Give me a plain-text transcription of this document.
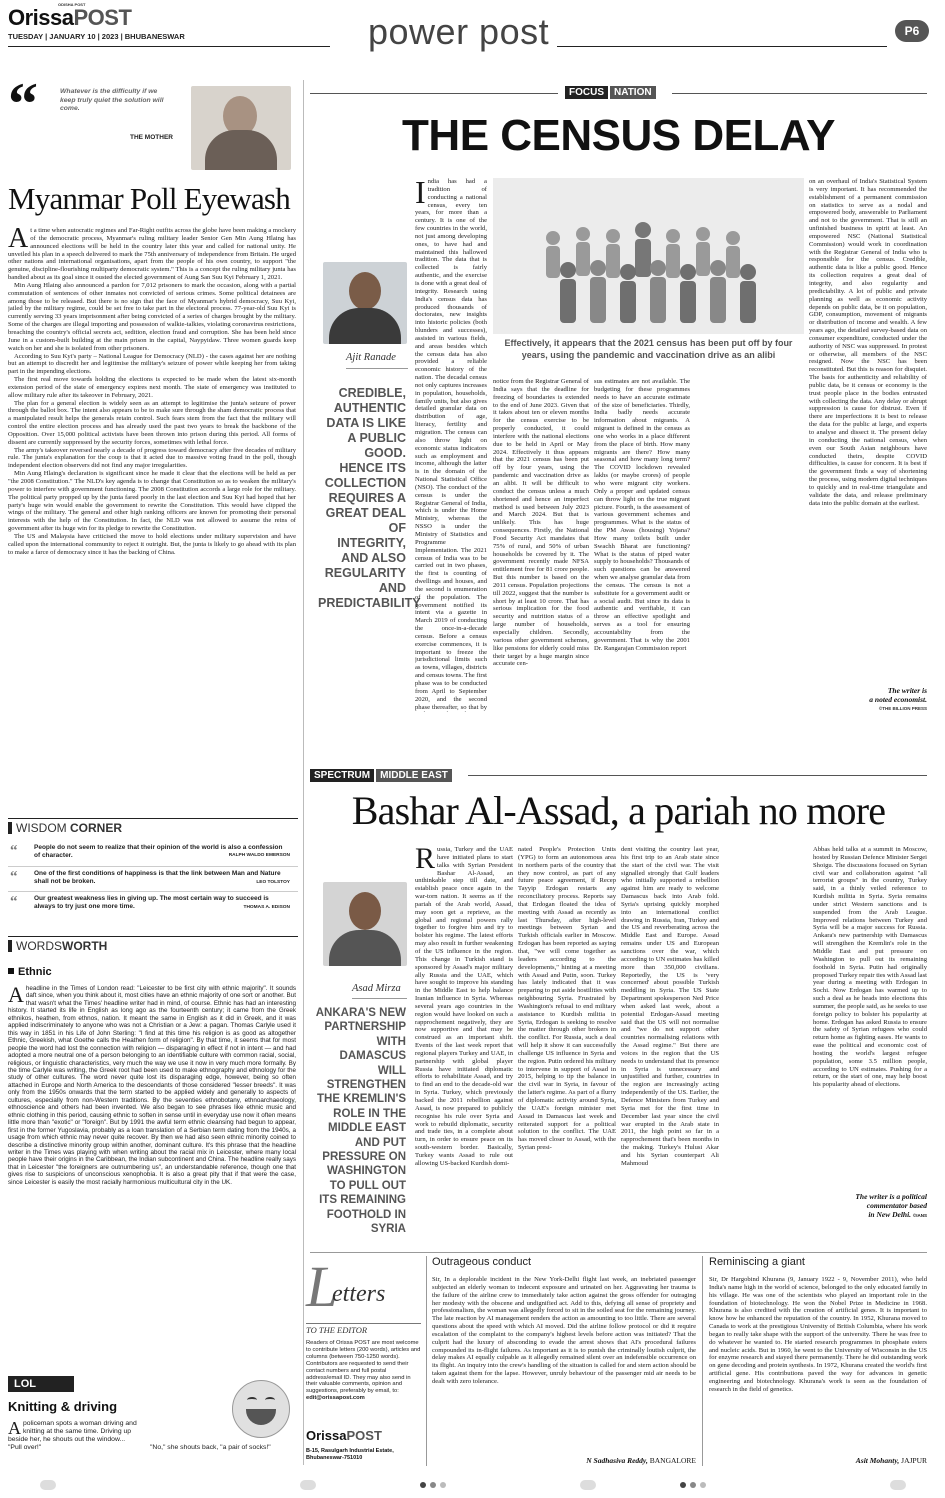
ODISHA POST
OrissaPOST
TUESDAY | JANUARY 10 | 2023 | BHUBANESWAR	power post	P6
“	Whatever is the difficulty if we keep truly quiet the solution will come.
THE MOTHER
Myanmar Poll Eyewash
A t a time when autocratic regimes and Far-Right outfits across the globe have been making a mockery of the democratic process, Myanmar's ruling military leader Senior Gen Min Aung Hlaing has announced elections will be held in the country later this year and called for national unity. He unveiled his plan in a speech delivered to mark the 75th anniversary of independence from Britain. He urged other nations and international organisations, apart from the people of his own country, to support "the genuine, discipline-flourishing multiparty democratic system." This is a concept the ruling military junta has bandied about as its goal since it ousted the elected government of Aung San Suu Kyi February 1, 2021.

Min Aung Hlaing also announced a pardon for 7,012 prisoners to mark the occasion, along with a partial commutation of sentences of other inmates not convicted of serious crimes. Some political detainees are among those to be released. But there is no sign that the face of Myanmar's hybrid democracy, Suu Kyi, jailed by the military regime, could be set free to take part in the electoral process. 77-year-old Suu Kyi is currently serving 33 years imprisonment after being convicted of a series of charges brought by the military. Some of the charges are illegal importing and possession of walkie-talkies, violating coronavirus restrictions, breaching the country's official secrets act, sedition, election fraud and corruption. She has been held since June in a custom-built building at the main prison in the capital, Naypyidaw. Three women guards keep watch on her and she is isolated from other prisoners.

According to Suu Kyi's party – National League for Democracy (NLD) - the cases against her are nothing but an attempt to discredit her and legitimise the military's seizure of power while keeping her from taking part in the impending elections.

The first real move towards holding the elections is expected to be made when the latest six-month extension period of the state of emergency expires next month. The state of emergency was instituted to allow military rule after its takeover in February, 2021.

The plan for a general election is widely seen as an attempt to legitimise the junta's seizure of power through the ballot box. The intent also appears to be to make sure through the sham democratic process that a manipulated result helps the generals retain control. Such fears stem from the fact that the military will control the entire election process and has already used the past two years to break the backbone of the Opposition. Over 15,000 political activists have been thrown into prison during this period. All forms of dissent are currently suppressed by the security forces, sometimes with lethal force.

The army's takeover reversed nearly a decade of progress toward democracy after five decades of military rule. The junta's explanation for the coup is that it acted due to massive voting fraud in the poll, though independent election observers did not find any major irregularities.

Min Aung Hlaing's declaration is significant since he made it clear that the elections will be held as per "the 2008 Constitution." The NLD's key agenda is to change that Constitution so as to weaken the military's power to interfere with government functioning. The 2008 Constitution accords a large role for the military. The political party propped up by the junta fared poorly in the last election and Suu Kyi had hoped that her party's huge win would enable the government to rewrite the Constitution. This would have clipped the wings of the military. The general and other high ranking officers are known for promoting their personal interests with the help of the Constitution. In fact, the NLD was not allowed to assume the reins of government after its huge win for its pledge to rewrite the Constitution.

The US and Malaysia have criticised the move to hold elections under military supervision and have called upon the international community to reject it outright. But, the junta is likely to go ahead with its plan to make a farce of democracy since it has the backing of China.

WISDOM CORNER
“	People do not seem to realize that their opinion of the world is also a confession of character.	RALPH WALDO EMERSON
“	One of the first conditions of happiness is that the link between Man and Nature shall not be broken.	LEO TOLSTOY
“	Our greatest weakness lies in giving up. The most certain way to succeed is always to try just one more time.	THOMAS A. EDISON
WORDSWORTH
Ethnic
A headline in the Times of London read: "Leicester to be first city with ethnic majority". It sounds daft since, when you think about it, most cities have an ethnic majority of one sort or another. But that wasn't what the Times' headline writer had in mind, of course. Ethnic has had an interesting history. It started its life in English as long ago as the fourteenth century; it came from the Greek ethnikos, heathen, from ethnos, nation. It meant the same in English as it did in Greek, and it was applied indiscriminately to anyone who was not a Christian or a Jew: a pagan. Thomas Carlyle used it this way in 1851 in his Life of John Sterling: "I find at this time his religion is as good as altogether Ethnic, Greekish, what Goethe calls the Heathen form of religion". By that time, it seems that for most people the word had lost the connection with religion — disparaging in effect if not in intent — and had adopted a more neutral one of a person belonging to an identifiable culture with common racial, social, religious, or linguistic characteristics, very much the way we use it now in very much more formally. By the time Carlyle was writing, the Greek root had been used to make ethnography and ethnology for the study of other cultures. The word never quite lost its disparaging edge, however, being so often attached in Europe and North America to the descendants of those considered "lesser breeds". It was only from the 1950s onwards that the term started to be applied widely and generally to aspects of cultures, especially from non-Western traditions. By the seventies ethnobotany, ethnoarchaeology, ethnoscience and others had been invented. We also began to see phrases like ethnic music and ethnic clothing in this period, causing ethnic to soften in sense until in everyday use now it often means little more than "exotic" or "foreign". But by 1991 the awful term ethnic cleansing had begun to appear, first in the former Yugoslavia, probably as a loan translation of a Serbian term dating from the 1940s, a usage from which ethnic may never quite recover. By then we had also seen ethnic minority coined to describe a distinctive minority group within another, dominant culture. It's this phrase that the headline writer in the Times was playing with when writing about the racial mix in Leicester, where many local people have their origins in the Caribbean, the Indian subcontinent and China. The headline really says that in Leicester "the foreigners are outnumbering us", an understandable reference, though one that gives rise to suspicions of unconscious xenophobia. It is also a great pity that if that were the case, since Leicester is easily the most racially harmonious multicultural city in the UK.
LOL
Knitting & driving
A policeman spots a woman driving and knitting at the same time. Driving up beside her, he shouts out the window... "Pull over!"	"No," she shouts back, "a pair of socks!"
FOCUS NATION
THE CENSUS DELAY
Ajit Ranade
CREDIBLE, AUTHENTIC DATA IS LIKE A PUBLIC GOOD. HENCE ITS COLLECTION REQUIRES A GREAT DEAL OF INTEGRITY, AND ALSO REGULARITY AND PREDICTABILITY
India has had a tradition of conducting a national census, every ten years, for more than a century. It is one of the few countries in the world, not just among developing ones, to have had and maintained this hallowed tradition. The data that is collected is fairly authentic, and the exercise is done with a great deal of integrity. Research using India's census data has produced thousands of doctorates, new insights into historic policies (both blunders and successes), assisted in various fields, and areas besides which the census data has also provided a reliable economic history of the nation. The decadal census not only captures increases in population, households, family units, but also gives detailed granular data on distribution of age, literacy, fertility and migration. The census can also throw light on economic status indicators such as employment and income, although the latter is in the domain of the National Statistical Office (NSO). The conduct of the census is under the Registrar General of India, which is under the Home Ministry, whereas the NSSO is under the Ministry of Statistics and Programme Implementation. The 2021 census of India was to be carried out in two phases, the first is counting of dwellings and houses, and the second is enumeration of the population. The government notified its intent via a gazette in March 2019 of conducting the once-in-a-decade census. Before a census exercise commences, it is important to freeze the jurisdictional limits such as towns, villages, districts and census towns. The first phase was to be conducted from April to September 2020, and the second phase thereafter, so that by
Effectively, it appears that the 2021 census has been put off by four years, using the pandemic and vaccination drive as an alibi
notice from the Registrar General of India says that the deadline for freezing of boundaries is extended to the end of June 2023. Given that it takes about ten or eleven months for the census exercise to be properly conducted, it could interfere with the national elections due to be held in April or May 2024. Effectively it thus appears that the 2021 census has been put off by four years, using the pandemic and vaccination drive as an alibi. It will be difficult to conduct the census unless a much shortened and hence an imperfect method is used between July 2023 and March 2024. But that is unlikely. This has huge consequences. Firstly, the National Food Security Act mandates that 75% of rural, and 50% of urban households be covered by it. The government recently made NFSA entitlement free for 81 crore people. But this number is based on the 2011 census. Population projections till 2022, suggest that the number is short by at least 10 crore. That has serious implication for the food security and nutrition status of a large number of households, especially children. Secondly, various other government schemes, like pensions for elderly could miss their target by a huge margin since accurate cen-
sus estimates are not available. The budgeting for these programmes needs to have an accurate estimate of the size of beneficiaries. Thirdly, India badly needs accurate information about migrants. A migrant is defined in the census as one who works in a place different from the place of birth. How many migrants are there? How many seasonal and how many long term? The COVID lockdown revealed lakhs (or maybe crores) of people who were migrant city workers. Only a proper and updated census can throw light on the true migrant picture. Fourth, is the assessment of various government schemes and programmes. What is the status of the PM Awas (housing) Yojana? How many toilets built under Swachh Bharat are functioning? What is the status of piped water supply to households? Thousands of such questions can be answered when we analyse granular data from the census. The census is not a substitute for a government audit or a social audit. But since its data is authentic and verifiable, it can throw an effective spotlight and serves as a tool for ensuring accountability from the government. That is why the 2001 Dr. Rangarajan Commission report
on an overhaul of India's Statistical System is very important. It has recommended the establishment of a permanent commission on statistics to serve as a nodal and empowered body, answerable to Parliament and not to the government. That is still an unfinished business in spirit at least. An empowered NSC (National Statistical Commission) would work in coordination with the Registrar General of India who is responsible for the census. Credible, authentic data is like a public good. Hence its collection requires a great deal of integrity, and also regularity and predictability. A lot of public and private planning as well as economic activity depends on public data, be it on population, GDP, consumption, movement of migrants or distribution of income and wealth. A few years ago, the detailed survey-based data on consumer expenditure, conducted under the authority of NSC was suppressed. In protest or otherwise, all members of the NSC resigned. Now the NSC has been reconstituted. But this is reason for disquiet. The basis for authenticity and reliability of public data, be it census or economy is the trust people place in the bodies entrusted with collecting the data. Any delay or abrupt suppression is cause for distrust. Even if there are imperfections it is best to release the data for the public at large, and experts to analyse and dissect it. The present delay in conducting the national census, when even our South Asian neighbours have conducted theirs, despite COVID difficulties, is cause for concern. It is best if the government finds a way of shortening the process, using modern digital techniques to quickly and in real-time triangulate and validate the data, and release preliminary data into the public domain at the earliest.
The writer is
a noted economist.
©THE BILLION PRESS
SPECTRUM MIDDLE EAST
Bashar Al-Assad, a pariah no more
Asad Mirza
ANKARA'S NEW PARTNERSHIP WITH DAMASCUS WILL STRENGTHEN THE KREMLIN'S ROLE IN THE MIDDLE EAST AND PUT PRESSURE ON WASHINGTON TO PULL OUT ITS REMAINING FOOTHOLD IN SYRIA
Russia, Turkey and the UAE have initiated plans to start talks with Syrian President Bashar Al-Assad, an unthinkable step till date, and establish peace once again in the war-torn nation. It seems as if the pariah of the Arab world, Assad, may soon get a reprieve, as the global and regional powers rally together to forgive him and try to bolster his regime. The latest efforts may also result in further weakening of the US influence in the region. This change in Turkish stand is sponsored by Assad's major military ally Russia and the UAE, which have sought to improve his standing in the Middle East to help balance Iranian influence in Syria. Whereas several years ago countries in the region would have looked on such a rapprochement negatively, they are now supportive and that may be construed as an important shift. Events of the last week report that regional players Turkey and UAE, in partnership with global player Russia have initiated diplomatic efforts to rehabilitate Assad, and try to find an end to the decade-old war in Syria. Turkey, which previously backed the 2011 rebellion against Assad, is now prepared to publicly recognise his rule over Syria and work to rebuild diplomatic, security and trade ties, in a complete about turn, in order to ensure peace on its south-western border. Basically, Turkey wants Assad to rule out allowing US-backed Kurdish domi-
nated People's Protection Units (YPG) to form an autonomous area in northern parts of the country that they now control, as part of any future peace agreement, if Recep Tayyip Erdogan restarts any reconciliatory process. Reports say that Erdogan floated the idea of meeting with Assad as recently as last Thursday, after high-level meetings between Syrian and Turkish officials earlier in Moscow. Erdogan has been reported as saying that, "we will come together as leaders according to the developments," hinting at a meeting with Assad and Putin, soon. Turkey has lately indicated that it was preparing to put aside hostilities with neighbouring Syria. Frustrated by Washington's refusal to end military assistance to Kurdish militia in Syria, Erdogan is seeking to resolve the matter through other brokers in the conflict. For Russia, such a deal will help it show it can successfully challenge US influence in Syria and the region. Putin ordered his military to intervene in support of Assad in 2015, helping to tip the balance in the civil war in Syria, in favour of the latter's regime. As part of a flurry of diplomatic activity around Syria, the UAE's foreign minister met Assad in Damascus last week and reiterated support for a political solution to the conflict. The UAE has moved closer to Assad, with the Syrian presi-
dent visiting the country last year, his first trip to an Arab state since the start of the civil war. The visit signalled strongly that Gulf leaders who initially supported a rebellion against him are ready to welcome Damascus back into Arab fold. Syria's uprising quickly morphed into an international conflict drawing in Russia, Iran, Turkey and the US and reverberating across the Middle East and Europe. Assad remains under US and European sanctions over the war, which according to UN estimates has killed more than 350,000 civilians. Reportedly, the US is 'very concerned' about possible Turkish meddling in Syria. The US State Department spokesperson Ned Price when asked last week, about a potential Erdogan-Assad meeting said that the US will not normalise and "we do not support other countries normalising relations with the Assad regime." But there are voices in the region that the US needs to understand that its presence in Syria is unnecessary and unjustified and further, countries in the region are increasingly acting independently of the US. Earlier, the Defence Ministers from Turkey and Syria met for the first time in December last year since the civil war erupted in the Arab state in 2011, the high point so far in a rapprochement that's been months in the making. Turkey's Hulusi Akar and his Syrian counterpart Ali Mahmoud
Abbas held talks at a summit in Moscow, hosted by Russian Defence Minister Sergei Shoigu. The discussions focused on Syrian civil war and collaboration against "all terrorist groups" in the country, Turkey said, in a thinly veiled reference to Kurdish militia in Syria. Syria remains under strict Western sanctions and is suspended from the Arab League. Improved relations between Turkey and Syria will be a major success for Russia. Ankara's new partnership with Damascus will strengthen the Kremlin's role in the Middle East and put pressure on Washington to pull out its remaining foothold in Syria. Putin had originally proposed Turkey repair ties with Assad last year during a meeting with Erdogan in Sochi. Now Erdogan has warmed up to such a deal as he heads into elections this summer, the people said, as he seeks to use foreign policy to bolster his popularity at home. Erdogan has asked Russia to ensure the safety of Syrian refugees who could return home as fighting eases. He wants to ease the political and economic cost of hosting the world's largest refugee population, some 3.5 million people, according to UN estimates. Pushing for a return, or the start of one, may help boost his popularity ahead of elections.
The writer is a political
commentator based
in New Delhi. ©IANS
L
etters
TO THE EDITOR
Readers of Orissa POST are most welcome to contribute letters (200 words), articles and columns (between 750-1250 words). Contributors are requested to send their contact numbers and full postal address/email ID. They may also send in their valuable comments, opinion and suggestions, preferably by email, to: edit@orissapost.com
OrissaPOST
B-15, Rasulgarh Industrial Estate, Bhubaneswar-751010
Outrageous conduct
Sir, In a deplorable incident in the New York-Delhi flight last week, an inebriated passenger subjected an elderly woman to indecent exposure and urinated on her. Aggravating her trauma is the failure of the airline crew to immediately take action against the gross offender for outraging her modesty with the obscene and undignified act. Add to this, defying all sense of propriety and professionalism, the woman was allegedly forced to sit in the soiled seat for the remaining journey. The late reaction by AI management renders the action as amounting to too little. There are several questions about the speed with which AI moved. Did the airline follow protocol or did it require escalation of the complaint to the company's highest levels before action was initiated? That the culprit had the luxury of absconding to evade the arrest shows that AI's procedural failures compounded its in-flight failures. As important as it is to punish the criminally loutish culprit, the delay makes AI equally culpable as it allegedly remained silent over an indefensible occurrence on its flight. An inquiry into the crew's handling of the situation is called for and stern action should be taken against them for the lapse. However, unruly behaviour of the passenger mid air needs to be dealt with zero tolerance.
N Sadhasiva Reddy, BANGALORE
Reminiscing a giant
Sir, Dr Hargobind Khurana (9, January 1922 - 9, November 2011), who held India's name high in the world of science, belonged to the only educated family in his village. He was one of the scientists who played an important role in the foundation of biotechnology. He won the Nobel Prize in Medicine in 1968. Khurana is also credited with the creation of artificial genes. It is important to know how he enhanced the reputation of the country. In 1952, Khurana moved to Canada to work at the prestigious University of British Columbia, where his work began to really take shape with the support of the university. There he was free to do whatever he wanted to. He started research programmes in phosphate esters and nucleic acids. But in 1960, he went to the University of Wisconsin in the US for enzyme research and stayed there permanently. There he did outstanding work on gene decoding and protein synthesis. In 1972, Khurana created the world's first artificial gene. His contributions paved the way for advances in genetic engineering and biotechnology. Khurana's work is seen as the foundation of research in the field of genetics.
Asit Mohanty, JAJPUR
